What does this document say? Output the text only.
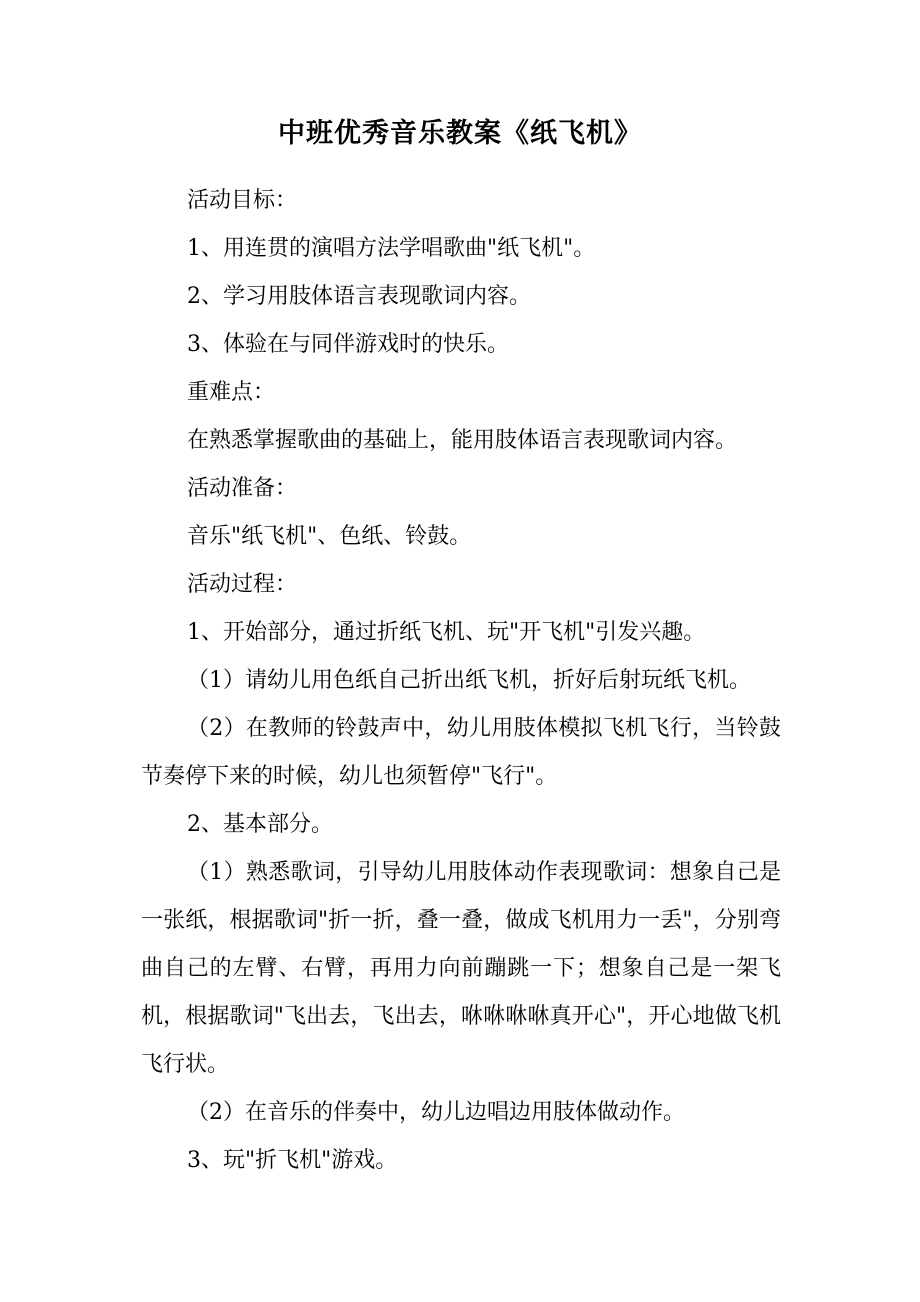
中班优秀音乐教案《纸飞机》

活动目标：

1、用连贯的演唱方法学唱歌曲"纸飞机"。

2、学习用肢体语言表现歌词内容。

3、体验在与同伴游戏时的快乐。

重难点：

在熟悉掌握歌曲的基础上，能用肢体语言表现歌词内容。

活动准备：

音乐"纸飞机"、色纸、铃鼓。

活动过程：

1、开始部分，通过折纸飞机、玩"开飞机"引发兴趣。

（1）请幼儿用色纸自己折出纸飞机，折好后射玩纸飞机。

（2）在教师的铃鼓声中，幼儿用肢体模拟飞机飞行，当铃鼓节奏停下来的时候，幼儿也须暂停"飞行"。

2、基本部分。

（1）熟悉歌词，引导幼儿用肢体动作表现歌词：想象自己是一张纸，根据歌词"折一折，叠一叠，做成飞机用力一丢"，分别弯曲自己的左臂、右臂，再用力向前蹦跳一下；想象自己是一架飞机，根据歌词"飞出去，飞出去，咻咻咻咻真开心"，开心地做飞机飞行状。

（2）在音乐的伴奏中，幼儿边唱边用肢体做动作。

3、玩"折飞机"游戏。
